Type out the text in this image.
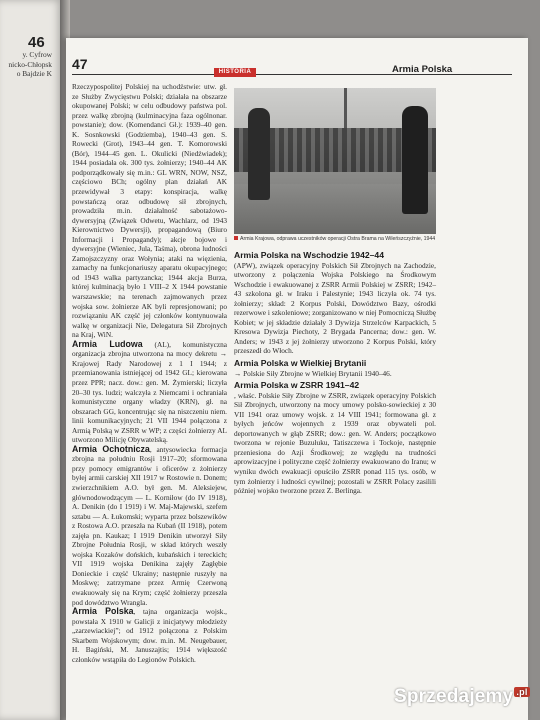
46
y. Cyfrow
nicko-Chłopsk
o Bajdzie K
47	HISTORIA	Armia Polska

Rzeczypospolitej Polskiej na uchodźstwie: utw. gł. ze Służby Zwycięstwu Polski; działała na obszarze okupowanej Polski; w celu odbudowy państwa pol. przez walkę zbrojną (kulminacyjna faza ogólnonar. powstanie); dow. (Komendanci Gł.): 1939–40 gen. K. Sosnkowski (Godziemba), 1940–43 gen. S. Rowecki (Grot), 1943–44 gen. T. Komorowski (Bór), 1944–45 gen. L. Okulicki (Niedźwiadek); 1944 posiadała ok. 300 tys. żołnierzy; 1940–44 AK podporządkowały się m.in.: GL WRN, NOW, NSZ, częściowo BCh; ogólny plan działań AK przewidywał 3 etapy: konspiracja, walkę powstańczą oraz odbudowę sił zbrojnych, prowadziła m.in. działalność sabotażowo-dywersyjną (Związek Odwetu, Wachlarz, od 1943 Kierownictwo Dywersji), propagandową (Biuro Informacji i Propagandy); akcje bojowe i dywersyjne (Wieniec, Jula, Taśma), obrona ludności Zamojszczyzny oraz Wołynia; ataki na więzienia, zamachy na funkcjonariuszy aparatu okupacyjnego; od 1943 walka partyzancka; 1944 akcja Burza, której kulminacją było 1 VIII–2 X 1944 powstanie warszawskie; na terenach zajmowanych przez wojska sow. żołnierze AK byli represjonowani; po rozwiązaniu AK część jej członków kontynuowała walkę w organizacji Nie, Delegatura Sił Zbrojnych na Kraj, WiN.

Armia Ludowa (AL), komunistyczna organizacja zbrojna utworzona na mocy dekretu → Krajowej Rady Narodowej z 1 I 1944; z przemianowania istniejącej od 1942 GL; kierowana przez PPR; nacz. dow.: gen. M. Żymierski; liczyła 20–30 tys. ludzi; walczyła z Niemcami i ochraniała komunistyczne organy władzy (KRN), gł. na obszarach GG, koncentrując się na niszczeniu niem. linii komunikacyjnych; 21 VII 1944 połączona z Armią Polską w ZSRR w WP; z części żołnierzy AL utworzono Milicję Obywatelską.

Armia Ochotnicza, antysowiecka formacja zbrojna na południu Rosji 1917–20; sformowana przy pomocy emigrantów i oficerów z żołnierzy byłej armii carskiej XII 1917 w Rostowie n. Donem; zwierzchnikiem A.O. był gen. M. Aleksiejew, głównodowodzącym — L. Korniłow (do IV 1918), A. Denikin (do I 1919) i W. Maj-Majewski, szefem sztabu — A. Łukomski; wyparta przez bolszewików z Rostowa A.O. przeszła na Kubań (II 1918), potem zajęła pn. Kaukaz; I 1919 Denikin utworzył Siły Zbrojne Południa Rosji, w skład których weszły wojska Kozaków dońskich, kubańskich i tereckich; VII 1919 wojska Denikina zajęły Zagłębie Donieckie i część Ukrainy; następnie ruszyły na Moskwę; zatrzymane przez Armię Czerwoną ewakuowały się na Krym; część żołnierzy przeszła pod dowództwo Wrangla.

Armia Polska, tajna organizacja wojsk., powstała X 1910 w Galicji z inicjatywy młodzieży „zarzewiackiej”; od 1912 połączona z Polskim Skarbem Wojskowym; dow. m.in. M. Neugebauer, H. Bagiński, M. Januszajtis; 1914 większość członków wstąpiła do Legionów Polskich.

Armia Krajowa, odprawa uczestników operacji Ostra Brama na Wileńszczyźnie, 1944

Armia Polska na Wschodzie 1942–44
(APW), związek operacyjny Polskich Sił Zbrojnych na Zachodzie, utworzony z połączenia Wojska Polskiego na Środkowym Wschodzie i ewakuowanej z ZSRR Armii Polskiej w ZSRR; 1942–43 szkolona gł. w Iraku i Palestynie; 1943 liczyła ok. 74 tys. żołnierzy; skład: 2 Korpus Polski, Dowództwo Bazy, ośrodki rezerwowe i szkoleniowe; zorganizowano w niej Pomocniczą Służbę Kobiet; w jej składzie działały 3 Dywizja Strzelców Karpackich, 5 Kresowa Dywizja Piechoty, 2 Brygada Pancerna; dow.: gen. W. Anders; w 1943 z jej żołnierzy utworzono 2 Korpus Polski, który przeszedł do Włoch.

Armia Polska w Wielkiej Brytanii
→ Polskie Siły Zbrojne w Wielkiej Brytanii 1940–46.

Armia Polska w ZSRR 1941–42
, właśc. Polskie Siły Zbrojne w ZSRR, związek operacyjny Polskich Sił Zbrojnych, utworzony na mocy umowy polsko-sowieckiej z 30 VII 1941 oraz umowy wojsk. z 14 VIII 1941; formowana gł. z byłych jeńców wojennych z 1939 oraz obywateli pol. deportowanych w głąb ZSRR; dow.: gen. W. Anders; początkowo tworzona w rejonie Buzułuku, Tatiszczewa i Tockoje, następnie przeniesiona do Azji Środkowej; ze względu na trudności aprowizacyjne i polityczne część żołnierzy ewakuowano do Iranu; w wyniku dwóch ewakuacji opuściło ZSRR ponad 115 tys. osób, w tym żołnierzy i ludności cywilnej; pozostali w ZSRR Polacy zasilili później wojsko tworzone przez Z. Berlinga.

Sprzedajemy .pl
